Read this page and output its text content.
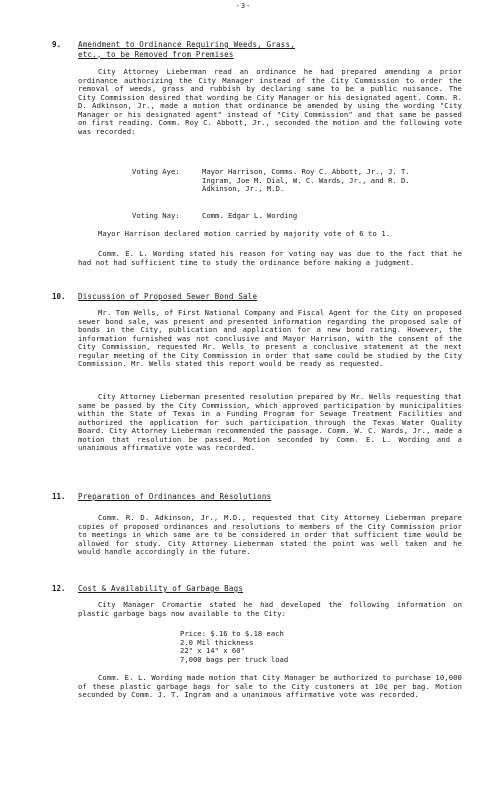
-3-
9. Amendment to Ordinance Requiring Weeds, Grass, etc., to be Removed from Premises

City Attorney Lieberman read an ordinance he had prepared amending a prior ordinance authorizing the City Manager instead of the City Commission to order the removal of weeds, grass and rubbish by declaring same to be a public nuisance. The City Commission desired that wording be City Manager or his designated agent. Comm. R. D. Adkinson, Jr., made a motion that ordinance be amended by using the wording "City Manager or his designated agent" instead of "City Commission" and that same be passed on first reading. Comm. Roy C. Abbott, Jr., seconded the motion and the following vote was recorded:

Voting Aye:	Mayor Harrison, Comms. Roy C. Abbott, Jr., J. T. Ingram, Joe M. Dial, W. C. Wards, Jr., and R. D. Adkinson, Jr., M.D.
Voting Nay:	Comm. Edgar L. Wording

Mayor Harrison declared motion carried by majority vote of 6 to 1.

Comm. E. L. Wording stated his reason for voting nay was due to the fact that he had not had sufficient time to study the ordinance before making a judgment.

10. Discussion of Proposed Sewer Bond Sale

Mr. Tom Wells, of First National Company and Fiscal Agent for the City on proposed sewer bond sale, was present and presented information regarding the proposed sale of bonds in the City, publication and application for a new bond rating. However, the information furnished was not conclusive and Mayor Harrison, with the consent of the City Commission, requested Mr. Wells to present a conclusive statement at the next regular meeting of the City Commission in order that same could be studied by the City Commission. Mr. Wells stated this report would be ready as requested.

City Attorney Lieberman presented resolution prepared by Mr. Wells requesting that same be passed by the City Commission, which approved participation by municipalities within the State of Texas in a Funding Program for Sewage Treatment Facilities and authorized the application for such participation through the Texas Water Quality Board. City Attorney Lieberman recommended the passage. Comm. W. C. Wards, Jr., made a motion that resolution be passed. Motion seconded by Comm. E. L. Wording and a unanimous affirmative vote was recorded.

11. Preparation of Ordinances and Resolutions

Comm. R. D. Adkinson, Jr., M.D., requested that City Attorney Lieberman prepare copies of proposed ordinances and resolutions to members of the City Commission prior to meetings in which same are to be considered in order that sufficient time would be allowed for study. City Attorney Lieberman stated the point was well taken and he would handle accordingly in the future.

12. Cost & Availability of Garbage Bags

City Manager Cromartie stated he had developed the following information on plastic garbage bags now available to the City:

Price: $.16 to $.18 each
2.0 Mil thickness
22" x 14" x 60"
7,000 bags per truck load

Comm. E. L. Wording made motion that City Manager be authorized to purchase 10,000 of these plastic garbage bags for sale to the City customers at 10¢ per bag. Motion seconded by Comm. J. T. Ingram and a unanimous affirmative vote was recorded.
